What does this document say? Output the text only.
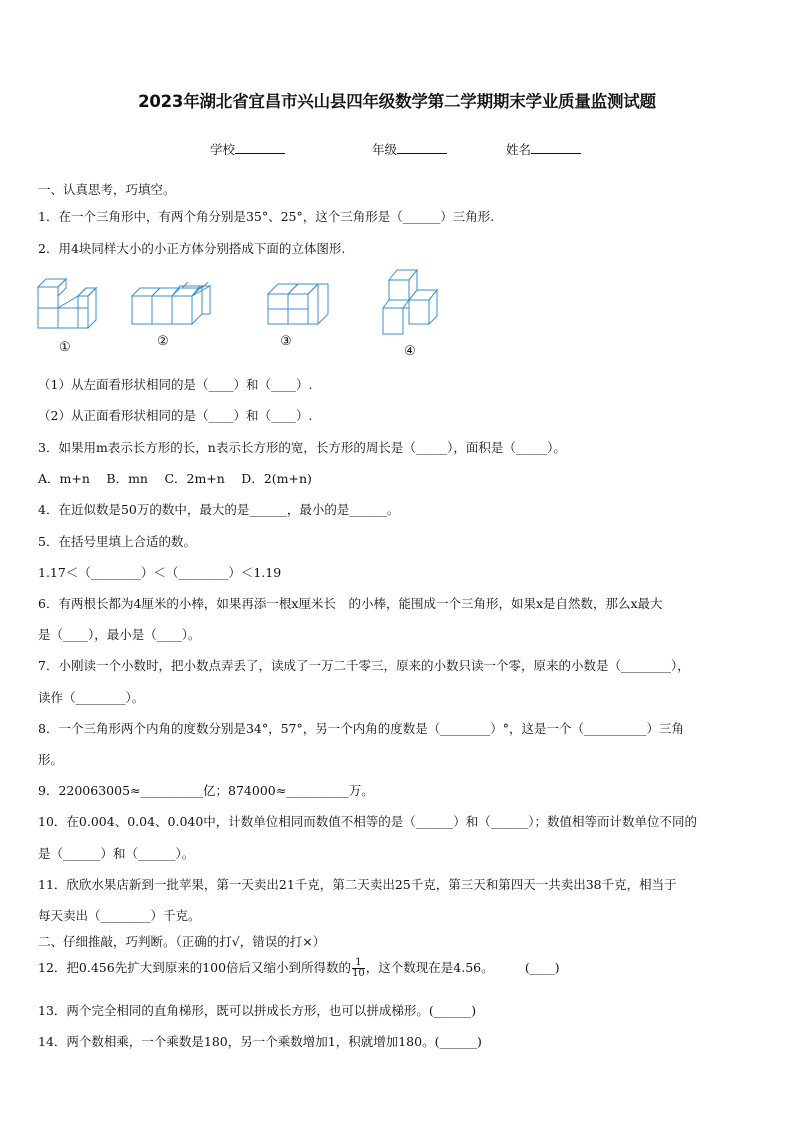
2023年湖北省宜昌市兴山县四年级数学第二学期期末学业质量监测试题
学校	年级	姓名
一、认真思考，巧填空。
1．在一个三角形中，有两个角分别是35°、25°，这个三角形是（______）三角形.
2．用4块同样大小的小正方体分别搭成下面的立体图形.
①	②	③
④
（1）从左面看形状相同的是（____）和（____）.
（2）从正面看形状相同的是（____）和（____）.
3．如果用m表示长方形的长，n表示长方形的宽，长方形的周长是（_____），面积是（_____）。
A．m+n　 B．mn　 C．2m+n　 D．2(m+n)
4．在近似数是50万的数中，最大的是______，最小的是______。
5．在括号里填上合适的数。
1.17＜（________）＜（________）＜1.19
6．有两根长都为4厘米的小棒，如果再添一根x厘米长　的小棒，能围成一个三角形，如果x是自然数，那么x最大
是（____），最小是（____）。
7．小刚读一个小数时，把小数点弄丢了，读成了一万二千零三，原来的小数只读一个零，原来的小数是（________），
读作（________）。
8．一个三角形两个内角的度数分别是34°，57°，另一个内角的度数是（________）°，这是一个（__________）三角
形。
9．220063005≈__________亿；874000≈__________万。
10．在0.004、0.04、0.040中，计数单位相同而数值不相等的是（______）和（______）；数值相等而计数单位不同的
是（______）和（______）。
11．欣欣水果店新到一批苹果，第一天卖出21千克，第二天卖出25千克，第三天和第四天一共卖出38千克，相当于
每天卖出（________）千克。
二、仔细推敲，巧判断。（正确的打√，错误的打×）
12．把0.456先扩大到原来的100倍后又缩小到所得数的 $\frac{1}{10}$ ，这个数现在是4.56。　　　(____)
13．两个完全相同的直角梯形，既可以拼成长方形，也可以拼成梯形。(______)
14．两个数相乘，一个乘数是180，另一个乘数增加1，积就增加180。(______)
